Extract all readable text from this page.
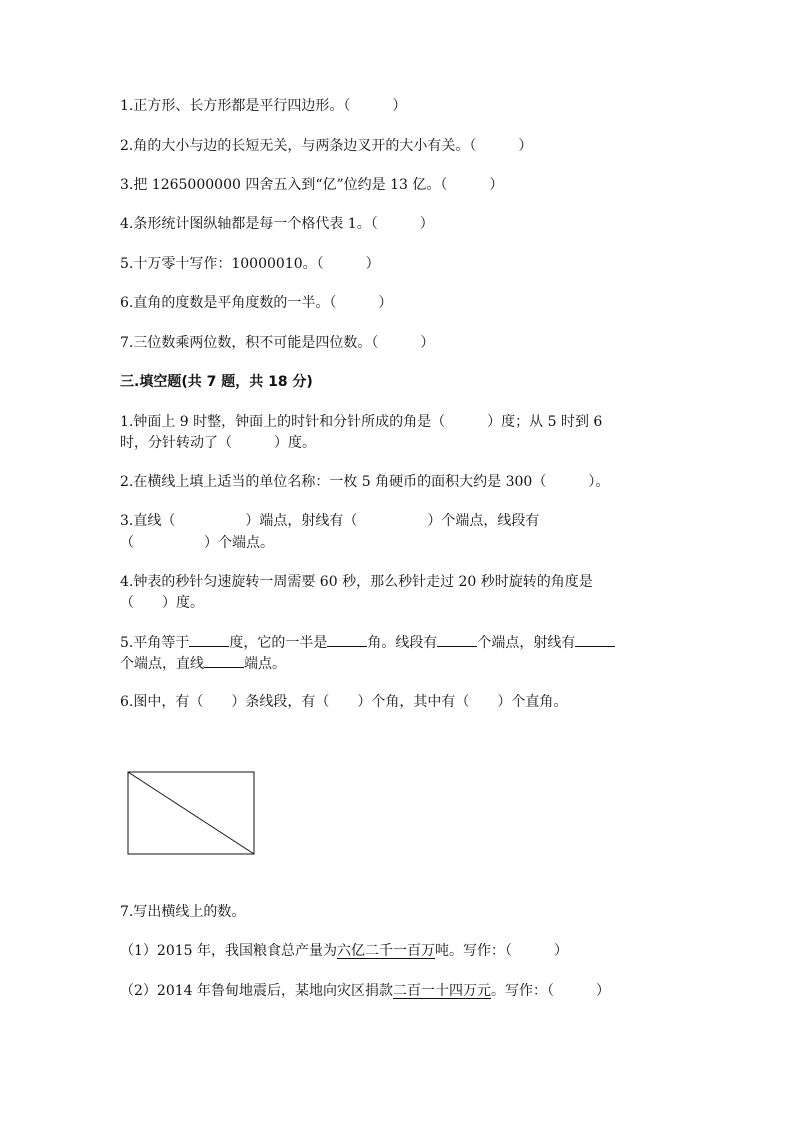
1.正方形、长方形都是平行四边形。（　　　）
2.角的大小与边的长短无关，与两条边叉开的大小有关。（　　　）
3.把 1265000000 四舍五入到“亿”位约是 13 亿。（　　　）
4.条形统计图纵轴都是每一个格代表 1。（　　　）
5.十万零十写作：10000010。（　　　）
6.直角的度数是平角度数的一半。（　　　）
7.三位数乘两位数，积不可能是四位数。（　　　）
三.填空题(共 7 题，共 18 分)
1.钟面上 9 时整，钟面上的时针和分针所成的角是（　　　）度；从 5 时到 6
时，分针转动了（　　　）度。
2.在横线上填上适当的单位名称：一枚 5 角硬币的面积大约是 300（　　　）。
3.直线（　　　　　）端点，射线有（　　　　　）个端点，线段有
（　　　　　）个端点。
4.钟表的秒针匀速旋转一周需要 60 秒，那么秒针走过 20 秒时旋转的角度是
（　　）度。
5.平角等于	度，它的一半是	角。线段有	个端点，射线有
个端点，直线	端点。
6.图中，有（　　）条线段，有（　　）个角，其中有（　　）个直角。
7.写出横线上的数。
（1）2015 年，我国粮食总产量为六亿二千一百万吨。写作：（　　　）
（2）2014 年鲁甸地震后，某地向灾区捐款二百一十四万元。写作：（　　　）
